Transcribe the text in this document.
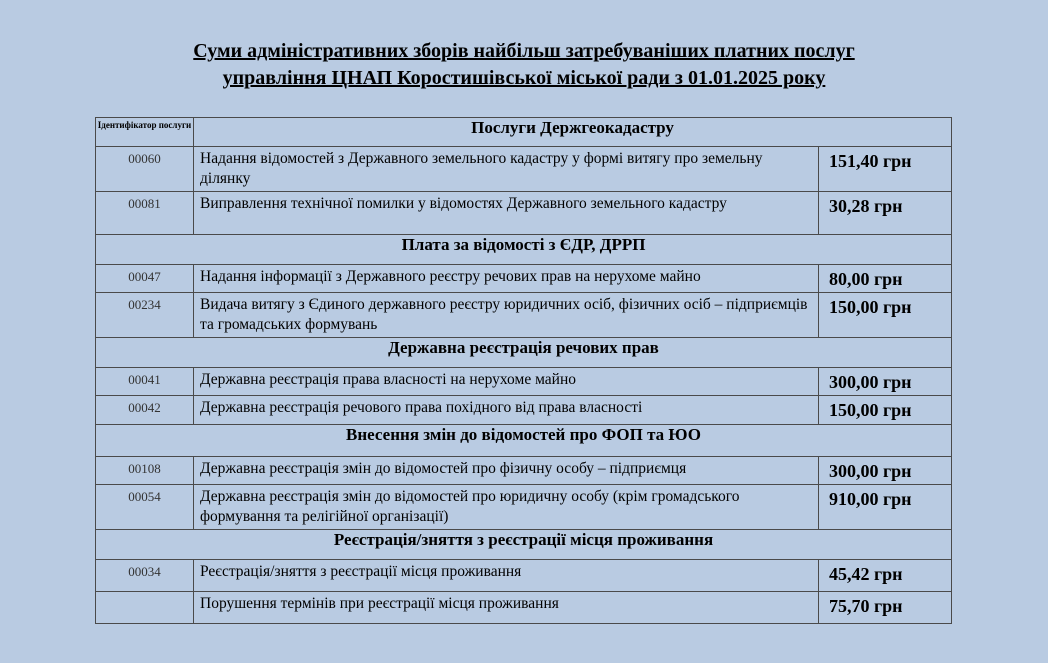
Суми адміністративних зборів найбільш затребуваніших платних послуг
управління ЦНАП Коростишівської міської ради з 01.01.2025 року
Ідентифікатор послуги	Послуги Держгеокадастру	
00060	Надання відомостей з Державного земельного кадастру у формі витягу про земельну ділянку	151,40 грн
00081	Виправлення технічної помилки у відомостях Державного земельного кадастру	30,28 грн
Плата за відомості з ЄДР, ДРРП		
00047	Надання інформації з Державного реєстру речових прав на нерухоме майно	80,00 грн
00234	Видача витягу з Єдиного державного реєстру юридичних осіб, фізичних осіб – підприємців та громадських формувань	150,00 грн
Державна реєстрація речових прав		
00041	Державна реєстрація права власності на нерухоме майно	300,00 грн
00042	Державна реєстрація речового права похідного від права власності	150,00 грн
Внесення змін до відомостей про ФОП та ЮО		
00108	Державна реєстрація змін до відомостей про фізичну особу – підприємця	300,00 грн
00054	Державна реєстрація змін до відомостей про юридичну особу (крім громадського формування та релігійної організації)	910,00 грн
Реєстрація/зняття з реєстрації місця проживання		
00034	Реєстрація/зняття з реєстрації місця проживання	45,42 грн
	Порушення термінів при реєстрації місця проживання	75,70 грн
